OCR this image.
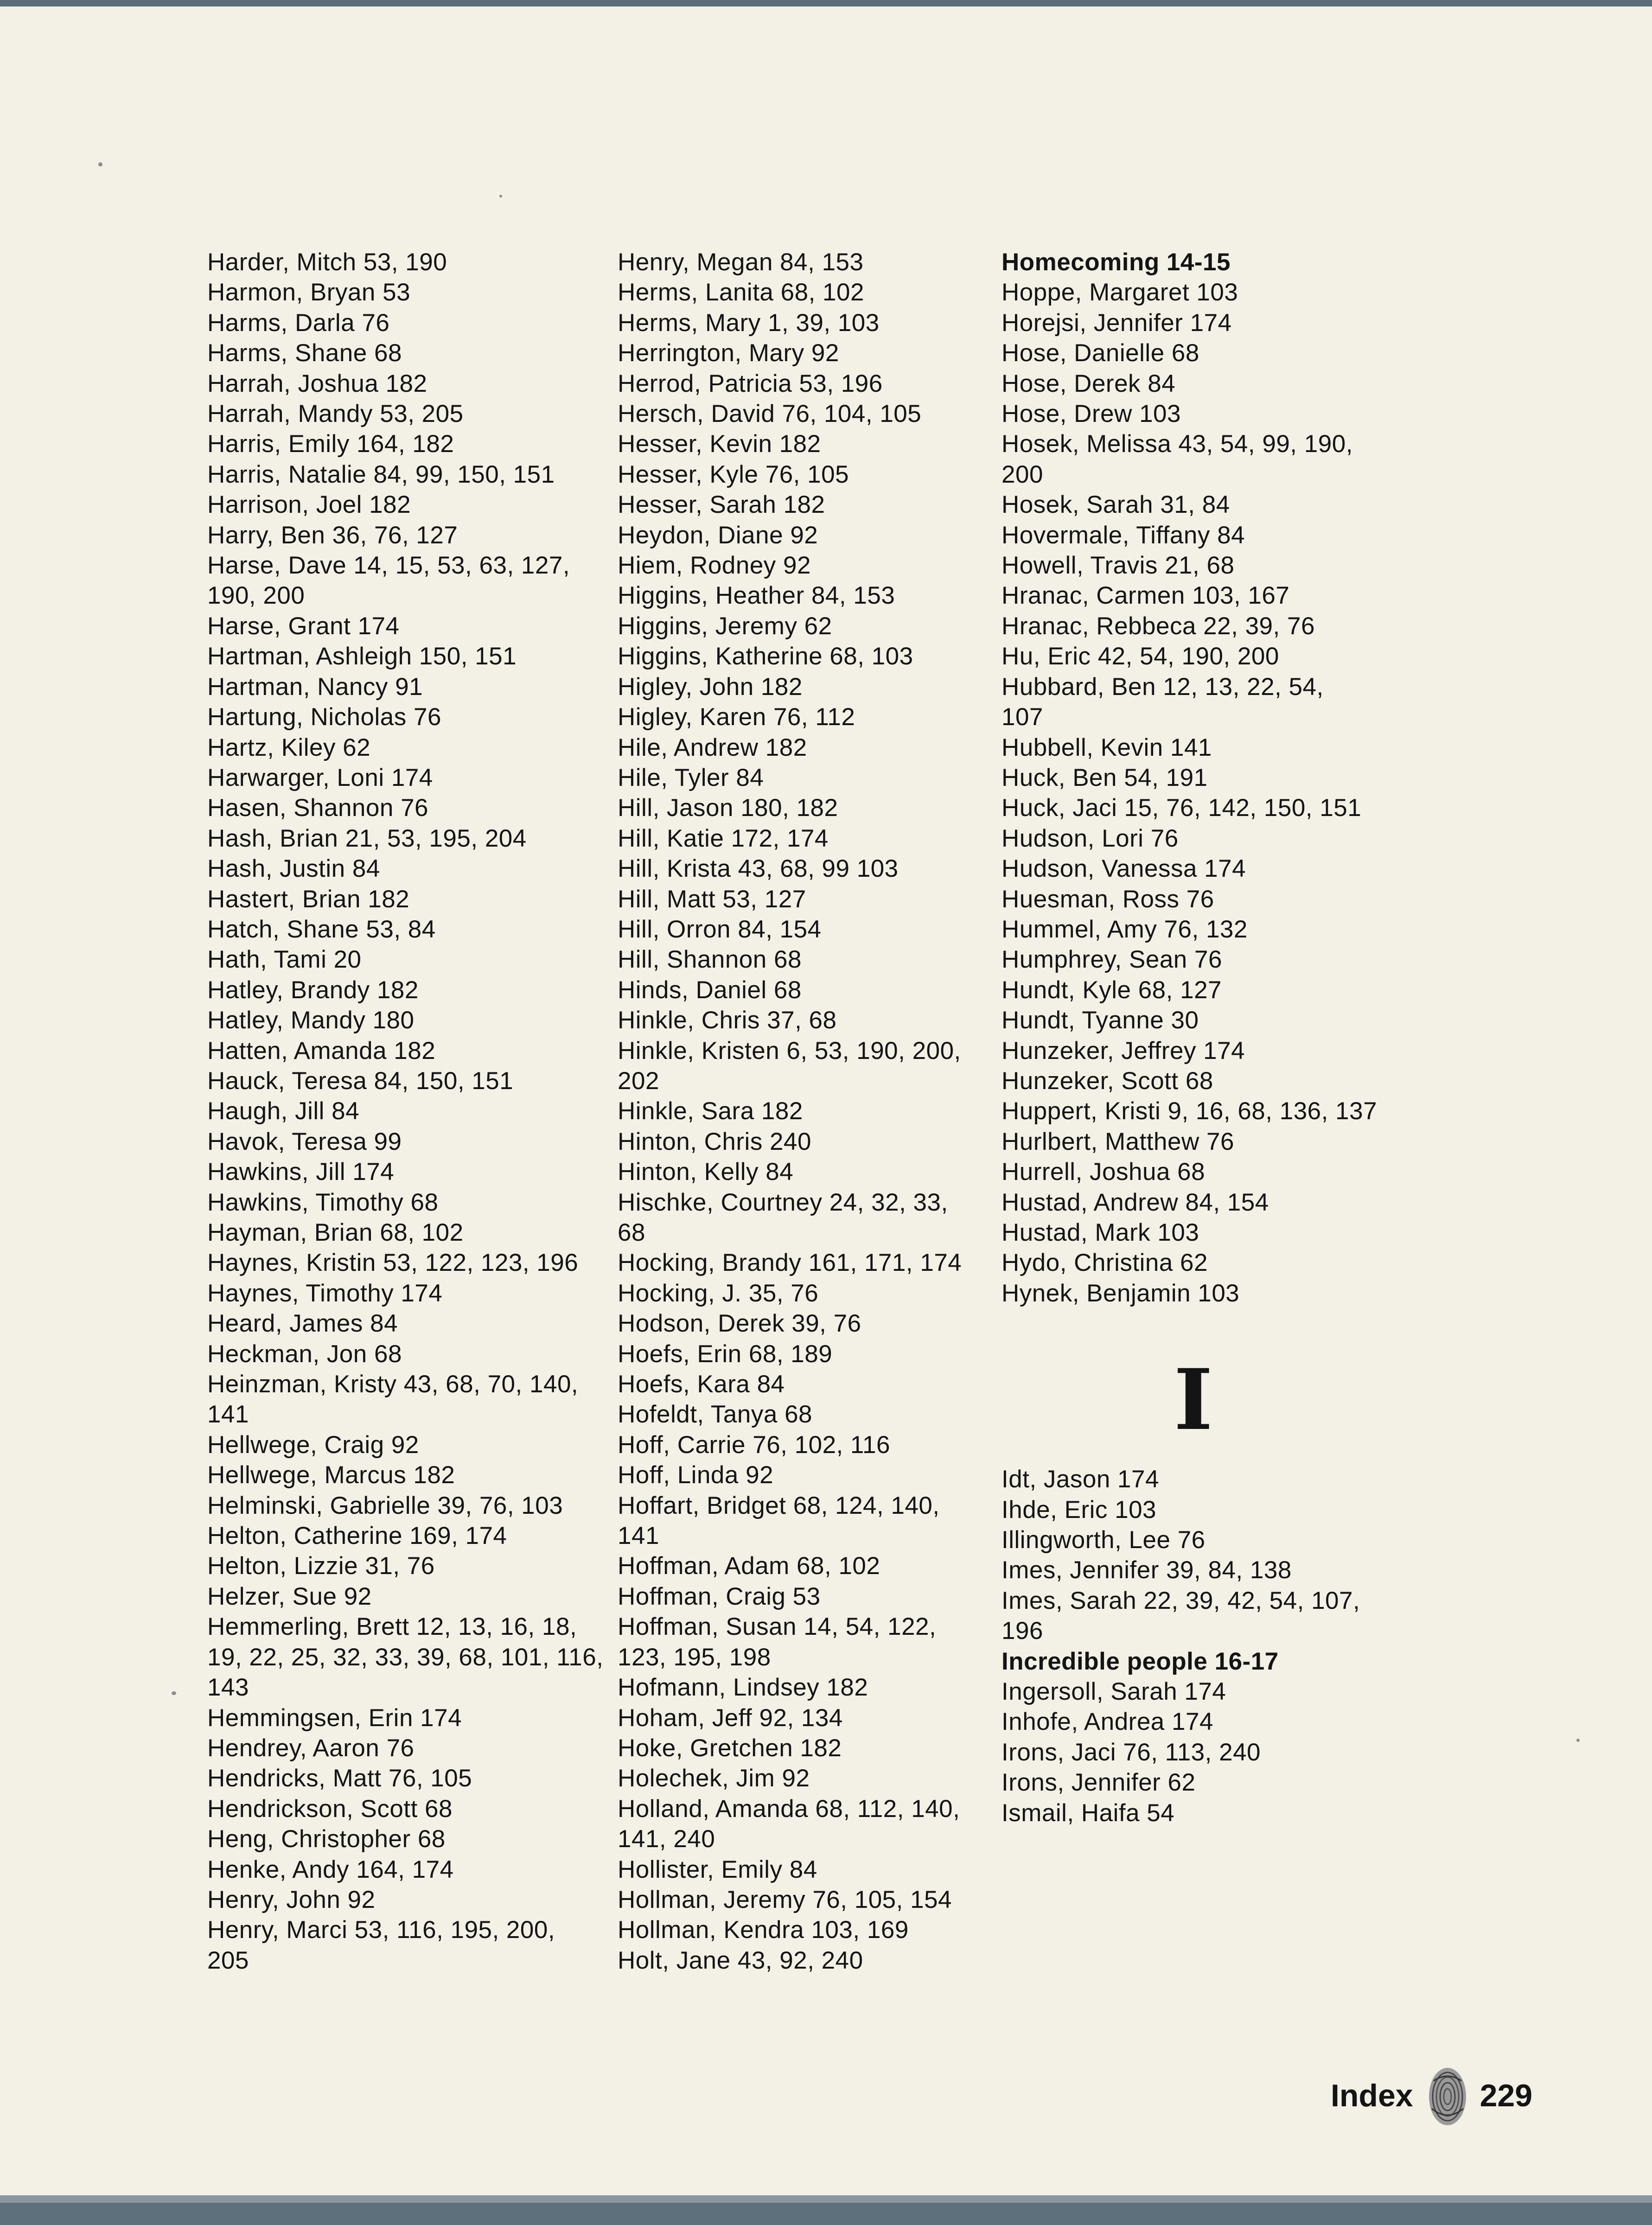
Harder, Mitch 53, 190
Harmon, Bryan 53
Harms, Darla 76
Harms, Shane 68
Harrah, Joshua 182
Harrah, Mandy 53, 205
Harris, Emily 164, 182
Harris, Natalie 84, 99, 150, 151
Harrison, Joel 182
Harry, Ben 36, 76, 127
Harse, Dave 14, 15, 53, 63, 127,
190, 200
Harse, Grant 174
Hartman, Ashleigh 150, 151
Hartman, Nancy 91
Hartung, Nicholas 76
Hartz, Kiley 62
Harwarger, Loni 174
Hasen, Shannon 76
Hash, Brian 21, 53, 195, 204
Hash, Justin 84
Hastert, Brian 182
Hatch, Shane 53, 84
Hath, Tami 20
Hatley, Brandy 182
Hatley, Mandy 180
Hatten, Amanda 182
Hauck, Teresa 84, 150, 151
Haugh, Jill 84
Havok, Teresa 99
Hawkins, Jill 174
Hawkins, Timothy 68
Hayman, Brian 68, 102
Haynes, Kristin 53, 122, 123, 196
Haynes, Timothy 174
Heard, James 84
Heckman, Jon 68
Heinzman, Kristy 43, 68, 70, 140,
141
Hellwege, Craig 92
Hellwege, Marcus 182
Helminski, Gabrielle 39, 76, 103
Helton, Catherine 169, 174
Helton, Lizzie 31, 76
Helzer, Sue 92
Hemmerling, Brett 12, 13, 16, 18,
19, 22, 25, 32, 33, 39, 68, 101, 116,
143
Hemmingsen, Erin 174
Hendrey, Aaron 76
Hendricks, Matt 76, 105
Hendrickson, Scott 68
Heng, Christopher 68
Henke, Andy 164, 174
Henry, John 92
Henry, Marci 53, 116, 195, 200,
205
Henry, Megan 84, 153
Herms, Lanita 68, 102
Herms, Mary 1, 39, 103
Herrington, Mary 92
Herrod, Patricia 53, 196
Hersch, David 76, 104, 105
Hesser, Kevin 182
Hesser, Kyle 76, 105
Hesser, Sarah 182
Heydon, Diane 92
Hiem, Rodney 92
Higgins, Heather 84, 153
Higgins, Jeremy 62
Higgins, Katherine 68, 103
Higley, John 182
Higley, Karen 76, 112
Hile, Andrew 182
Hile, Tyler 84
Hill, Jason 180, 182
Hill, Katie 172, 174
Hill, Krista 43, 68, 99 103
Hill, Matt 53, 127
Hill, Orron 84, 154
Hill, Shannon 68
Hinds, Daniel 68
Hinkle, Chris 37, 68
Hinkle, Kristen 6, 53, 190, 200,
202
Hinkle, Sara 182
Hinton, Chris 240
Hinton, Kelly 84
Hischke, Courtney 24, 32, 33,
68
Hocking, Brandy 161, 171, 174
Hocking, J. 35, 76
Hodson, Derek 39, 76
Hoefs, Erin 68, 189
Hoefs, Kara 84
Hofeldt, Tanya 68
Hoff, Carrie 76, 102, 116
Hoff, Linda 92
Hoffart, Bridget 68, 124, 140,
141
Hoffman, Adam 68, 102
Hoffman, Craig 53
Hoffman, Susan 14, 54, 122,
123, 195, 198
Hofmann, Lindsey 182
Hoham, Jeff 92, 134
Hoke, Gretchen 182
Holechek, Jim 92
Holland, Amanda 68, 112, 140,
141, 240
Hollister, Emily 84
Hollman, Jeremy 76, 105, 154
Hollman, Kendra 103, 169
Holt, Jane 43, 92, 240
Homecoming 14-15
Hoppe, Margaret 103
Horejsi, Jennifer 174
Hose, Danielle 68
Hose, Derek 84
Hose, Drew 103
Hosek, Melissa 43, 54, 99, 190,
200
Hosek, Sarah 31, 84
Hovermale, Tiffany 84
Howell, Travis 21, 68
Hranac, Carmen 103, 167
Hranac, Rebbeca 22, 39, 76
Hu, Eric 42, 54, 190, 200
Hubbard, Ben 12, 13, 22, 54,
107
Hubbell, Kevin 141
Huck, Ben 54, 191
Huck, Jaci 15, 76, 142, 150, 151
Hudson, Lori 76
Hudson, Vanessa 174
Huesman, Ross 76
Hummel, Amy 76, 132
Humphrey, Sean 76
Hundt, Kyle 68, 127
Hundt, Tyanne 30
Hunzeker, Jeffrey 174
Hunzeker, Scott 68
Huppert, Kristi 9, 16, 68, 136, 137
Hurlbert, Matthew 76
Hurrell, Joshua 68
Hustad, Andrew 84, 154
Hustad, Mark 103
Hydo, Christina 62
Hynek, Benjamin 103
I
Idt, Jason 174
Ihde, Eric 103
Illingworth, Lee 76
Imes, Jennifer 39, 84, 138
Imes, Sarah 22, 39, 42, 54, 107,
196
Incredible people 16-17
Ingersoll, Sarah 174
Inhofe, Andrea 174
Irons, Jaci 76, 113, 240
Irons, Jennifer 62
Ismail, Haifa 54
Index 229
